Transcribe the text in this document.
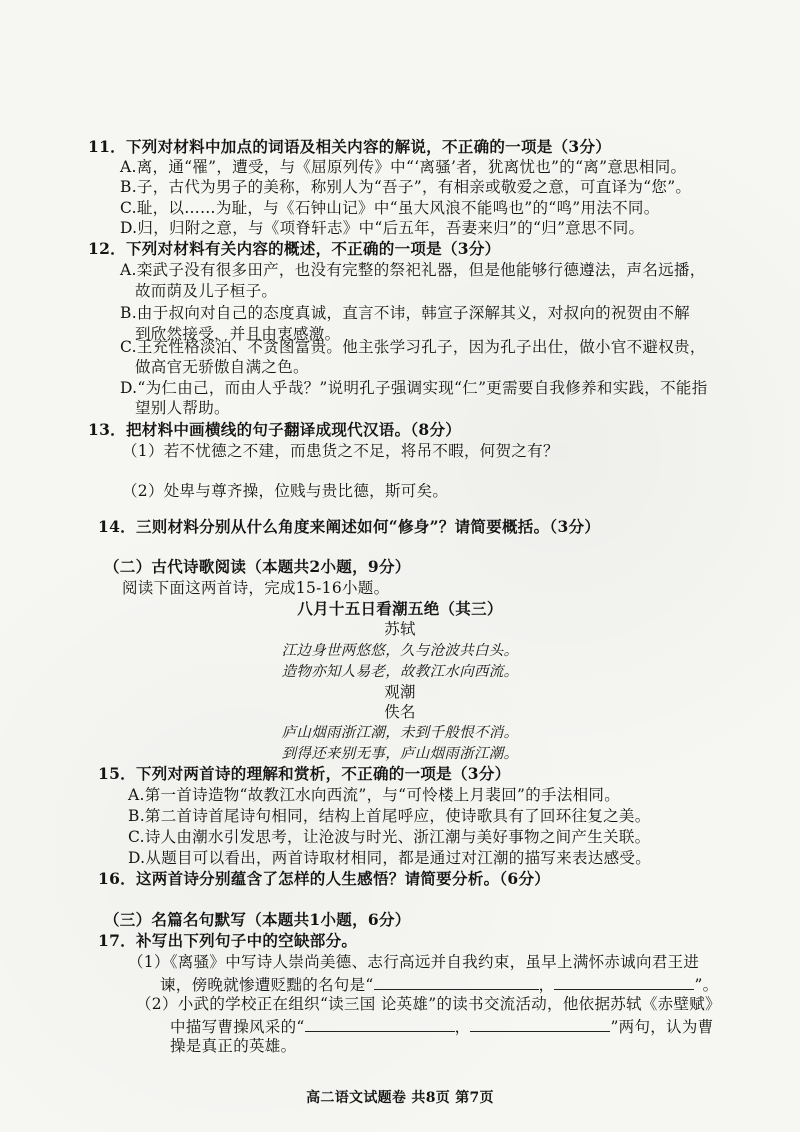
11．下列对材料中加点的词语及相关内容的解说，不正确的一项是（3分）
A.离，通“罹”，遭受，与《屈原列传》中“‘离骚’者，犹离忧也”的“离”意思相同。
B.子，古代为男子的美称，称别人为“吾子”，有相亲或敬爱之意，可直译为“您”。
C.耻，以……为耻，与《石钟山记》中“虽大风浪不能鸣也”的“鸣”用法不同。
D.归，归附之意，与《项脊轩志》中“后五年，吾妻来归”的“归”意思不同。
12．下列对材料有关内容的概述，不正确的一项是（3分）
A.栾武子没有很多田产，也没有完整的祭祀礼器，但是他能够行德遵法，声名远播，
故而荫及儿子桓子。
B.由于叔向对自己的态度真诚，直言不讳，韩宣子深解其义，对叔向的祝贺由不解
到欣然接受，并且由衷感激。
C.王充性格淡泊、不贪图富贵。他主张学习孔子，因为孔子出仕，做小官不避权贵，
做高官无骄傲自满之色。
D.“为仁由己，而由人乎哉？”说明孔子强调实现“仁”更需要自我修养和实践，不能指
望别人帮助。
13．把材料中画横线的句子翻译成现代汉语。（8分）
（1）若不忧德之不建，而患货之不足，将吊不暇，何贺之有？
（2）处卑与尊齐操，位贱与贵比德，斯可矣。
14．三则材料分别从什么角度来阐述如何“修身”？请简要概括。（3分）
（二）古代诗歌阅读（本题共2小题，9分）
阅读下面这两首诗，完成15-16小题。
八月十五日看潮五绝（其三）
苏轼
江边身世两悠悠，久与沧波共白头。
造物亦知人易老，故教江水向西流。
观潮
佚名
庐山烟雨浙江潮，未到千般恨不消。
到得还来别无事，庐山烟雨浙江潮。
15．下列对两首诗的理解和赏析，不正确的一项是（3分）
A.第一首诗造物“故教江水向西流”，与“可怜楼上月裴回”的手法相同。
B.第二首诗首尾诗句相同，结构上首尾呼应，使诗歌具有了回环往复之美。
C.诗人由潮水引发思考，让沧波与时光、浙江潮与美好事物之间产生关联。
D.从题目可以看出，两首诗取材相同，都是通过对江潮的描写来表达感受。
16．这两首诗分别蕴含了怎样的人生感悟？请简要分析。（6分）
（三）名篇名句默写（本题共1小题，6分）
17．补写出下列句子中的空缺部分。
（1）《离骚》中写诗人崇尚美德、志行高远并自我约束，虽早上满怀赤诚向君王进
谏，傍晚就惨遭贬黜的名句是“	，	”。
（2）小武的学校正在组织“读三国 论英雄”的读书交流活动，他依据苏轼《赤壁赋》
中描写曹操风采的“	，	”两句，认为曹
操是真正的英雄。
高二语文试题卷 共8页 第7页
